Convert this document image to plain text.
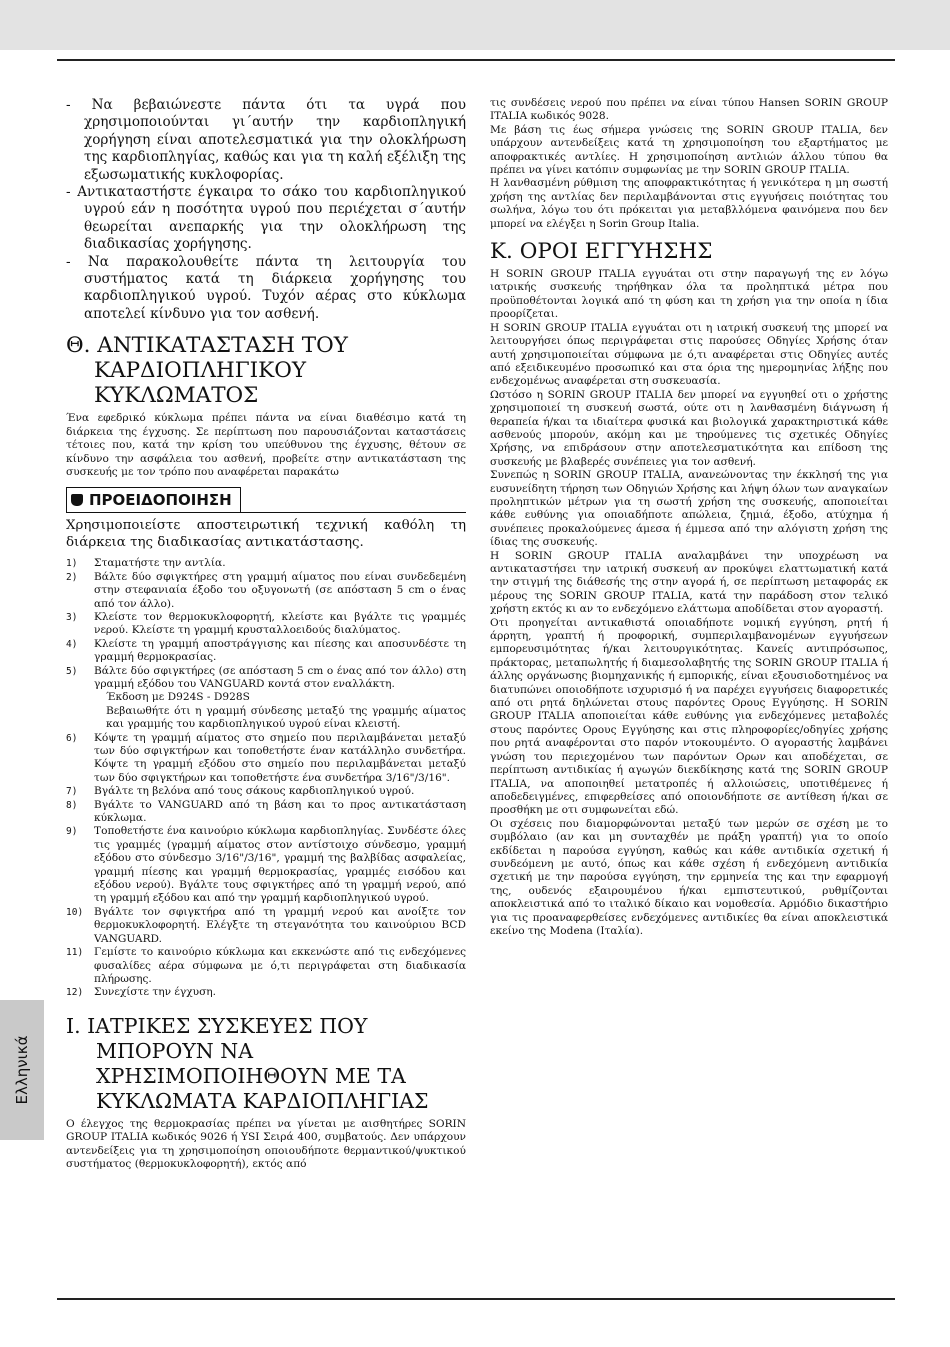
- Να βεβαιώνεστε πάντα ότι τα υγρά που χρησιμοποιούνται γι΄αυτήν την καρδιοπληγική χορήγηση είναι αποτελεσματικά για την ολοκλήρωση της καρδιοπληγίας, καθώς και για τη καλή εξέλιξη της εξωσωματικής κυκλοφορίας.

- Αντικαταστήστε έγκαιρα το σάκο του καρδιοπληγικού υγρού εάν η ποσότητα υγρού που περιέχεται σ΄αυτήν θεωρείται ανεπαρκής για την ολοκλήρωση της διαδικασίας χορήγησης.

- Να παρακολουθείτε πάντα τη λειτουργία του συστήματος κατά τη διάρκεια χορήγησης του καρδιοπληγικού υγρού. Τυχόν αέρας στο κύκλωμα αποτελεί κίνδυνο για τον ασθενή.

Θ. ΑΝΤΙΚΑΤΑΣΤΑΣΗ ΤΟΥ
ΚΑΡΔΙΟΠΛΗΓΙΚΟΥ
ΚΥΚΛΩΜΑΤΟΣ

Ένα εφεδρικό κύκλωμα πρέπει πάντα να είναι διαθέσιμο κατά τη διάρκεια της έγχυσης. Σε περίπτωση που παρουσιάζονται καταστάσεις τέτοιες που, κατά την κρίση του υπεύθυνου της έγχυσης, θέτουν σε κίνδυνο την ασφάλεια του ασθενή, προβείτε στην αντικατάσταση της συσκευής με τον τρόπο που αναφέρεται παρακάτω

ΠΡΟΕΙΔΟΠΟΙΗΣΗ

Χρησιμοποιείστε αποστειρωτική τεχνική καθόλη τη διάρκεια της διαδικασίας αντικατάστασης.

1) Σταματήστε την αντλία.
2) Βάλτε δύο σφιγκτήρες στη γραμμή αίματος που είναι συνδεδεμένη στην στεφανιαία έξοδο του οξυγονωτή (σε απόσταση 5 cm ο ένας από τον άλλο).
3) Κλείστε τον θερμοκυκλοφορητή, κλείστε και βγάλτε τις γραμμές νερού. Κλείστε τη γραμμή κρυσταλλοειδούς διαλύματος.
4) Κλείστε τη γραμμή αποστράγγισης και πίεσης και αποσυνδέστε τη γραμμή θερμοκρασίας.
5) Βάλτε δύο σφιγκτήρες (σε απόσταση 5 cm ο ένας από τον άλλο) στη γραμμή εξόδου του VANGUARD κοντά στον εναλλάκτη.
Έκδοση με D924S - D928S
Βεβαιωθήτε ότι η γραμμή σύνδεσης μεταξύ της γραμμής αίματος και γραμμής του καρδιοπληγικού υγρού είναι κλειστή.
6) Κόψτε τη γραμμή αίματος στο σημείο που περιλαμβάνεται μεταξύ των δύο σφιγκτήρων και τοποθετήστε έναν κατάλληλο συνδετήρα. Κόψτε τη γραμμή εξόδου στο σημείο που περιλαμβάνεται μεταξύ των δύο σφιγκτήρων και τοποθετήστε ένα συνδετήρα 3/16"/3/16".
7) Βγάλτε τη βελόνα από τους σάκους καρδιοπληγικού υγρού.
8) Βγάλτε το VANGUARD από τη βάση και το προς αντικατάσταση κύκλωμα.
9) Τοποθετήστε ένα καινούριο κύκλωμα καρδιοπληγίας. Συνδέστε όλες τις γραμμές (γραμμή αίματος στον αντίστοιχο σύνδεσμο, γραμμή εξόδου στο σύνδεσμο 3/16"/3/16", γραμμή της βαλβίδας ασφαλείας, γραμμή πίεσης και γραμμή θερμοκρασίας, γραμμές εισόδου και εξόδου νερού). Βγάλτε τους σφιγκτήρες από τη γραμμή νερού, από τη γραμμή εξόδου και από την γραμμή καρδιοπληγικού υγρού.
10) Βγάλτε τον σφιγκτήρα από τη γραμμή νερού και ανοίξτε τον θερμοκυκλοφορητή. Ελέγξτε τη στεγανότητα του καινούριου BCD VANGUARD.
11) Γεμίστε το καινούριο κύκλωμα και εκκενώστε από τις ενδεχόμενες φυσαλίδες αέρα σύμφωνα με ό,τι περιγράφεται στη διαδικασία πλήρωσης.
12) Συνεχίστε την έγχυση.
Ι. ΙΑΤΡΙΚΕΣ ΣΥΣΚΕΥΕΣ ΠΟΥ
ΜΠΟΡΟΥΝ ΝΑ
ΧΡΗΣΙΜΟΠΟΙΗΘΟΥΝ ΜΕ ΤΑ
ΚΥΚΛΩΜΑΤΑ ΚΑΡΔΙΟΠΛΗΓΙΑΣ

Ο έλεγχος της θερμοκρασίας πρέπει να γίνεται με αισθητήρες SORIN GROUP ITALIA κωδικός 9026 ή YSI Σειρά 400, συμβατούς. Δεν υπάρχουν αντενδείξεις για τη χρησιμοποίηση οποιουδήποτε θερμαντικού/ψυκτικού συστήματος (θερμοκυκλοφορητή), εκτός από

τις συνδέσεις νερού που πρέπει να είναι τύπου Hansen SORIN GROUP ITALIA κωδικός 9028.

Με βάση τις έως σήμερα γνώσεις της SORIN GROUP ITALIA, δεν υπάρχουν αντενδείξεις κατά τη χρησιμοποίηση του εξαρτήματος με αποφρακτικές αντλίες. Η χρησιμοποίηση αντλιών άλλου τύπου θα πρέπει να γίνει κατόπιν συμφωνίας με την SORIN GROUP ITALIA.

Η λανθασμένη ρύθμιση της αποφρακτικότητας ή γενικότερα η μη σωστή χρήση της αντλίας δεν περιλαμβάνονται στις εγγυήσεις ποιότητας του σωλήνα, λόγω του ότι πρόκειται για μεταβλλόμενα φαινόμενα που δεν μπορεί να ελέγξει η Sorin Group Italia.

Κ. ΟΡΟΙ ΕΓΓΥΗΣΗΣ

Η SORIN GROUP ITALIA εγγυάται οτι στην παραγωγή της εν λόγω ιατρικής συσκευής τηρήθηκαν όλα τα προληπτικά μέτρα που προϋποθέτονται λογικά από τη φύση και τη χρήση για την οποία η ίδια προορίζεται.

Η SORIN GROUP ITALIA εγγυάται οτι η ιατρική συσκευή της μπορεί να λειτουργήσει όπως περιγράφεται στις παρούσες Οδηγίες Χρήσης όταν αυτή χρησιμοποιείται σύμφωνα με ό,τι αναφέρεται στις Οδηγίες αυτές από εξειδικευμένο προσωπικό και στα όρια της ημερομηνίας λήξης που ενδεχομένως αναφέρεται στη συσκευασία.

Ωστόσο η SORIN GROUP ITALIA δεν μπορεί να εγγυηθεί οτι ο χρήστης χρησιμοποιεί τη συσκευή σωστά, ούτε οτι η λανθασμένη διάγνωση ή θεραπεία ή/και τα ιδιαίτερα φυσικά και βιολογικά χαρακτηριστικά κάθε ασθενούς μπορούν, ακόμη και με τηρούμενες τις σχετικές Οδηγίες Χρήσης, να επιδράσουν στην αποτελεσματικότητα και επίδοση της συσκευής με βλαβερές συνέπειες για τον ασθενή.

Συνεπώς η SORIN GROUP ITALIA, ανανεώνοντας την έκκλησή της για ευσυνείδητη τήρηση των Οδηγιών Χρήσης και λήψη όλων των αναγκαίων προληπτικών μέτρων για τη σωστή χρήση της συσκευής, αποποιείται κάθε ευθύνης για οποιαδήποτε απώλεια, ζημιά, έξοδο, ατύχημα ή συνέπειες προκαλούμενες άμεσα ή έμμεσα από την αλόγιστη χρήση της ίδιας της συσκευής.

Η SORIN GROUP ITALIA αναλαμβάνει την υποχρέωση να αντικαταστήσει την ιατρική συσκευή αν προκύψει ελαττωματική κατά την στιγμή της διάθεσής της στην αγορά ή, σε περίπτωση μεταφοράς εκ μέρους της SORIN GROUP ITALIA, κατά την παράδοση στον τελικό χρήστη εκτός κι αν το ενδεχόμενο ελάττωμα αποδίδεται στον αγοραστή.

Οτι προηγείται αντικαθιστά οποιαδήποτε νομική εγγύηση, ρητή ή άρρητη, γραπτή ή προφορική, συμπεριλαμβανομένων εγγυήσεων εμπορευσιμότητας ή/και λειτουργικότητας. Κανείς αντιπρόσωπος, πράκτορας, μεταπωλητής ή διαμεσολαβητής της SORIN GROUP ITALIA ή άλλης οργάνωσης βιομηχανικής ή εμπορικής, είναι εξουσιοδοτημένος να διατυπώνει οποιοδήποτε ισχυρισμό ή να παρέχει εγγυήσεις διαφορετικές από οτι ρητά δηλώνεται στους παρόντες Ορους Εγγύησης. Η SORIN GROUP ITALIA αποποιείται κάθε ευθύνης για ενδεχόμενες μεταβολές στους παρόντες Ορους Εγγύησης και στις πληροφορίες/οδηγίες χρήσης που ρητά αναφέρονται στο παρόν ντοκουμέντο. Ο αγοραστής λαμβάνει γνώση του περιεχομένου των παρόντων Ορων και αποδέχεται, σε περίπτωση αντιδικίας ή αγωγών διεκδίκησης κατά της SORIN GROUP ITALIA, να αποποιηθεί μετατροπές ή αλλοιώσεις, υποτιθέμενες ή αποδεδειγμένες, επιφερθείσες από οποιονδήποτε σε αντίθεση ή/και σε προσθήκη με οτι συμφωνείται εδώ.

Οι σχέσεις που διαμορφώνονται μεταξύ των μερών σε σχέση με το συμβόλαιο (αν και μη συνταχθέν με πράξη γραπτή) για το οποίο εκδίδεται η παρούσα εγγύηση, καθώς και κάθε αντιδικία σχετική ή συνδεόμενη με αυτό, όπως και κάθε σχέση ή ενδεχόμενη αντιδικία σχετική με την παρούσα εγγύηση, την ερμηνεία της και την εφαρμογή της, ουδενός εξαιρουμένου ή/και εμπιστευτικού, ρυθμίζονται αποκλειστικά από το ιταλικό δίκαιο και νομοθεσία. Αρμόδιο δικαστήριο για τις προαναφερθείσες ενδεχόμενες αντιδικίες θα είναι αποκλειστικά εκείνο της Modena (Ιταλία).

Ελληνικά
